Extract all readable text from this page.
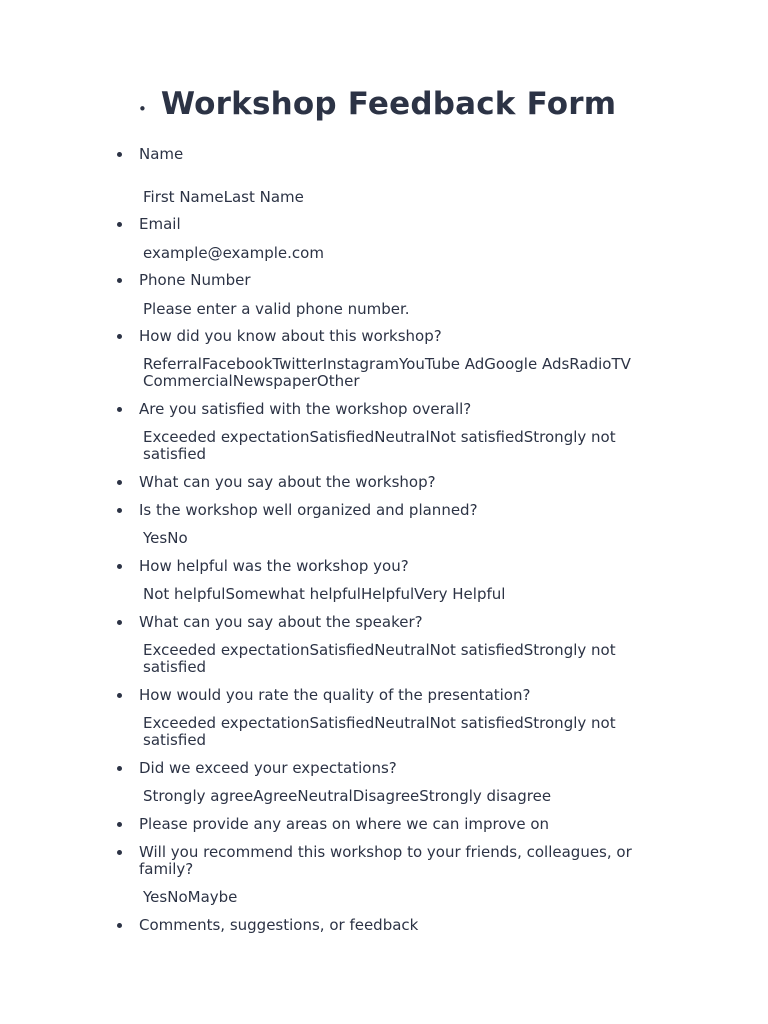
• Workshop Feedback Form
Name
First NameLast Name
Email
example@example.com
Phone Number
Please enter a valid phone number.
How did you know about this workshop?
ReferralFacebookTwitterInstagramYouTube AdGoogle AdsRadioTV CommercialNewspaperOther
Are you satisfied with the workshop overall?
Exceeded expectationSatisfiedNeutralNot satisfiedStrongly not satisfied
What can you say about the workshop?
Is the workshop well organized and planned?
YesNo
How helpful was the workshop you?
Not helpfulSomewhat helpfulHelpfulVery Helpful
What can you say about the speaker?
Exceeded expectationSatisfiedNeutralNot satisfiedStrongly not satisfied
How would you rate the quality of the presentation?
Exceeded expectationSatisfiedNeutralNot satisfiedStrongly not satisfied
Did we exceed your expectations?
Strongly agreeAgreeNeutralDisagreeStrongly disagree
Please provide any areas on where we can improve on
Will you recommend this workshop to your friends, colleagues, or family?
YesNoMaybe
Comments, suggestions, or feedback
